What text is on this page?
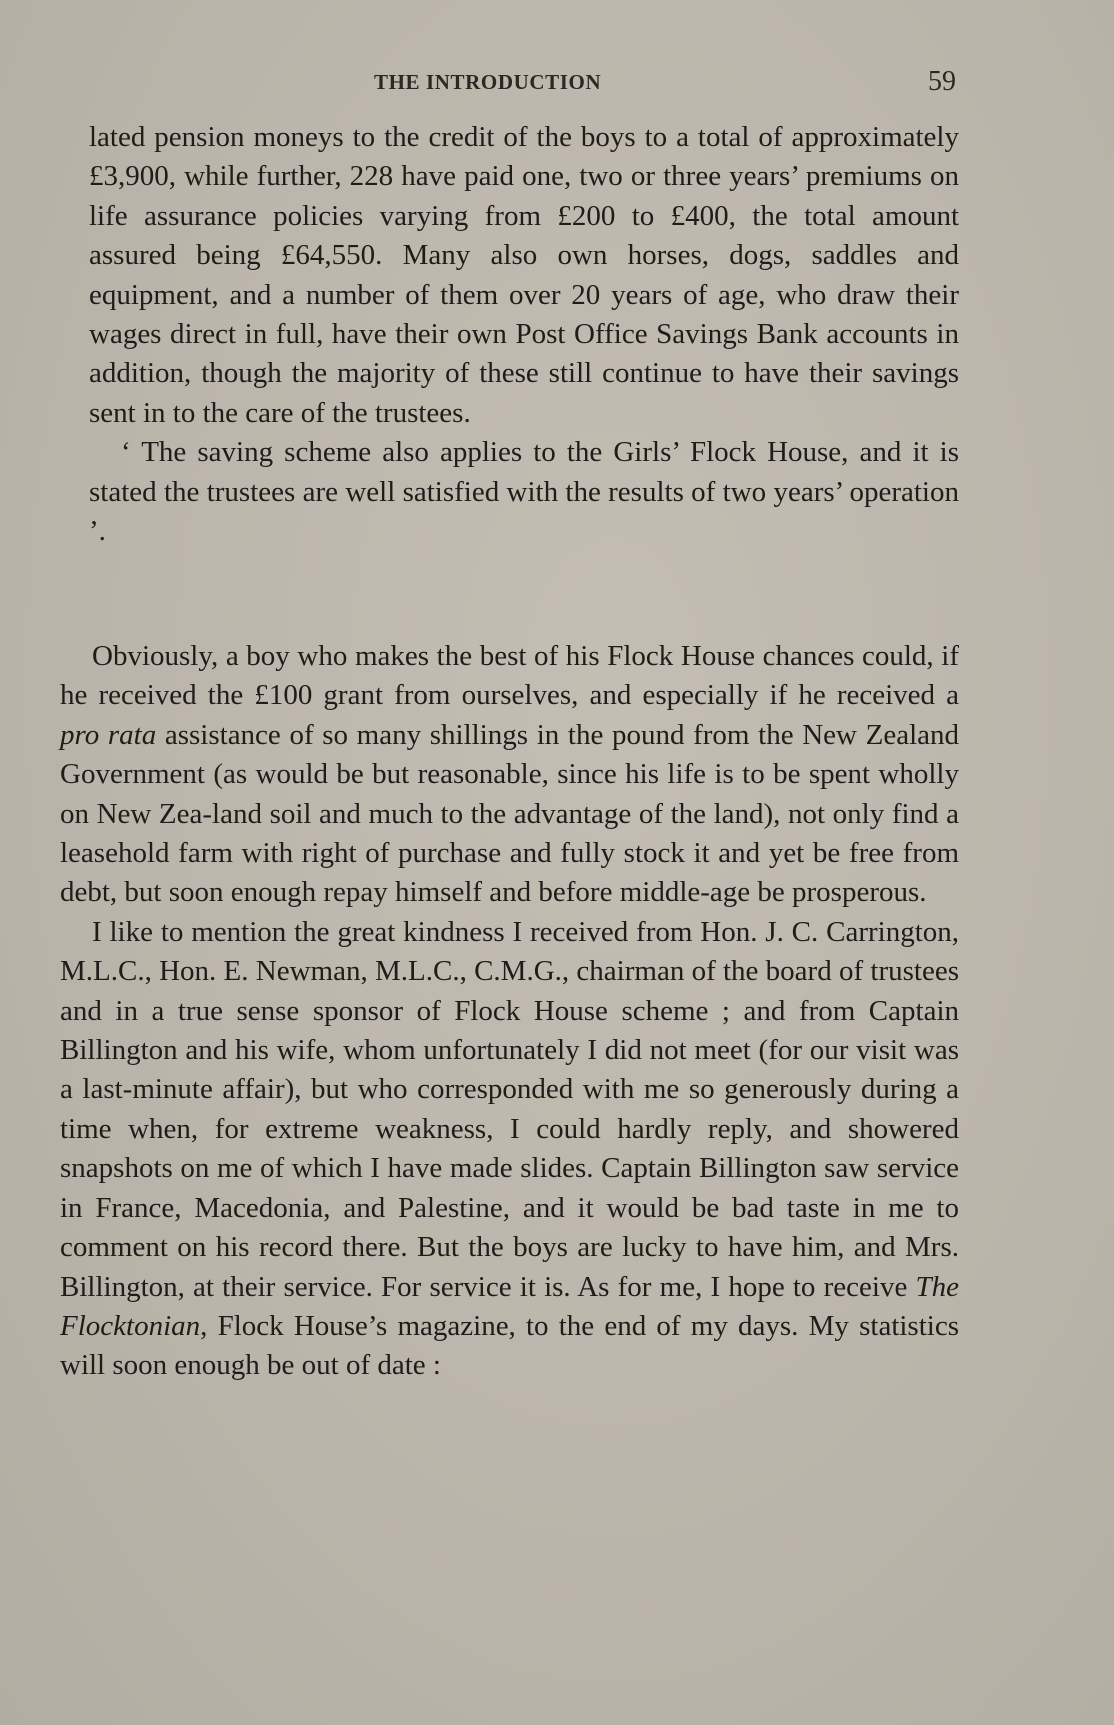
THE INTRODUCTION	59

lated pension moneys to the credit of the boys to a total of approximately £3,900, while further, 228 have paid one, two or three years’ premiums on life assurance policies varying from £200 to £400, the total amount assured being £64,550. Many also own horses, dogs, saddles and equipment, and a number of them over 20 years of age, who draw their wages direct in full, have their own Post Office Savings Bank accounts in addition, though the majority of these still continue to have their savings sent in to the care of the trustees.

‘ The saving scheme also applies to the Girls’ Flock House, and it is stated the trustees are well satisfied with the results of two years’ operation ’.

Obviously, a boy who makes the best of his Flock House chances could, if he received the £100 grant from ourselves, and especially if he received a pro rata assistance of so many shillings in the pound from the New Zealand Government (as would be but reasonable, since his life is to be spent wholly on New Zea-land soil and much to the advantage of the land), not only find a leasehold farm with right of purchase and fully stock it and yet be free from debt, but soon enough repay himself and before middle-age be prosperous.

I like to mention the great kindness I received from Hon. J. C. Carrington, M.L.C., Hon. E. Newman, M.L.C., C.M.G., chairman of the board of trustees and in a true sense sponsor of Flock House scheme ; and from Captain Billington and his wife, whom unfortunately I did not meet (for our visit was a last-minute affair), but who corresponded with me so generously during a time when, for extreme weakness, I could hardly reply, and showered snapshots on me of which I have made slides. Captain Billington saw service in France, Macedonia, and Palestine, and it would be bad taste in me to comment on his record there. But the boys are lucky to have him, and Mrs. Billington, at their service. For service it is. As for me, I hope to receive The Flocktonian, Flock House’s magazine, to the end of my days. My statistics will soon enough be out of date :
